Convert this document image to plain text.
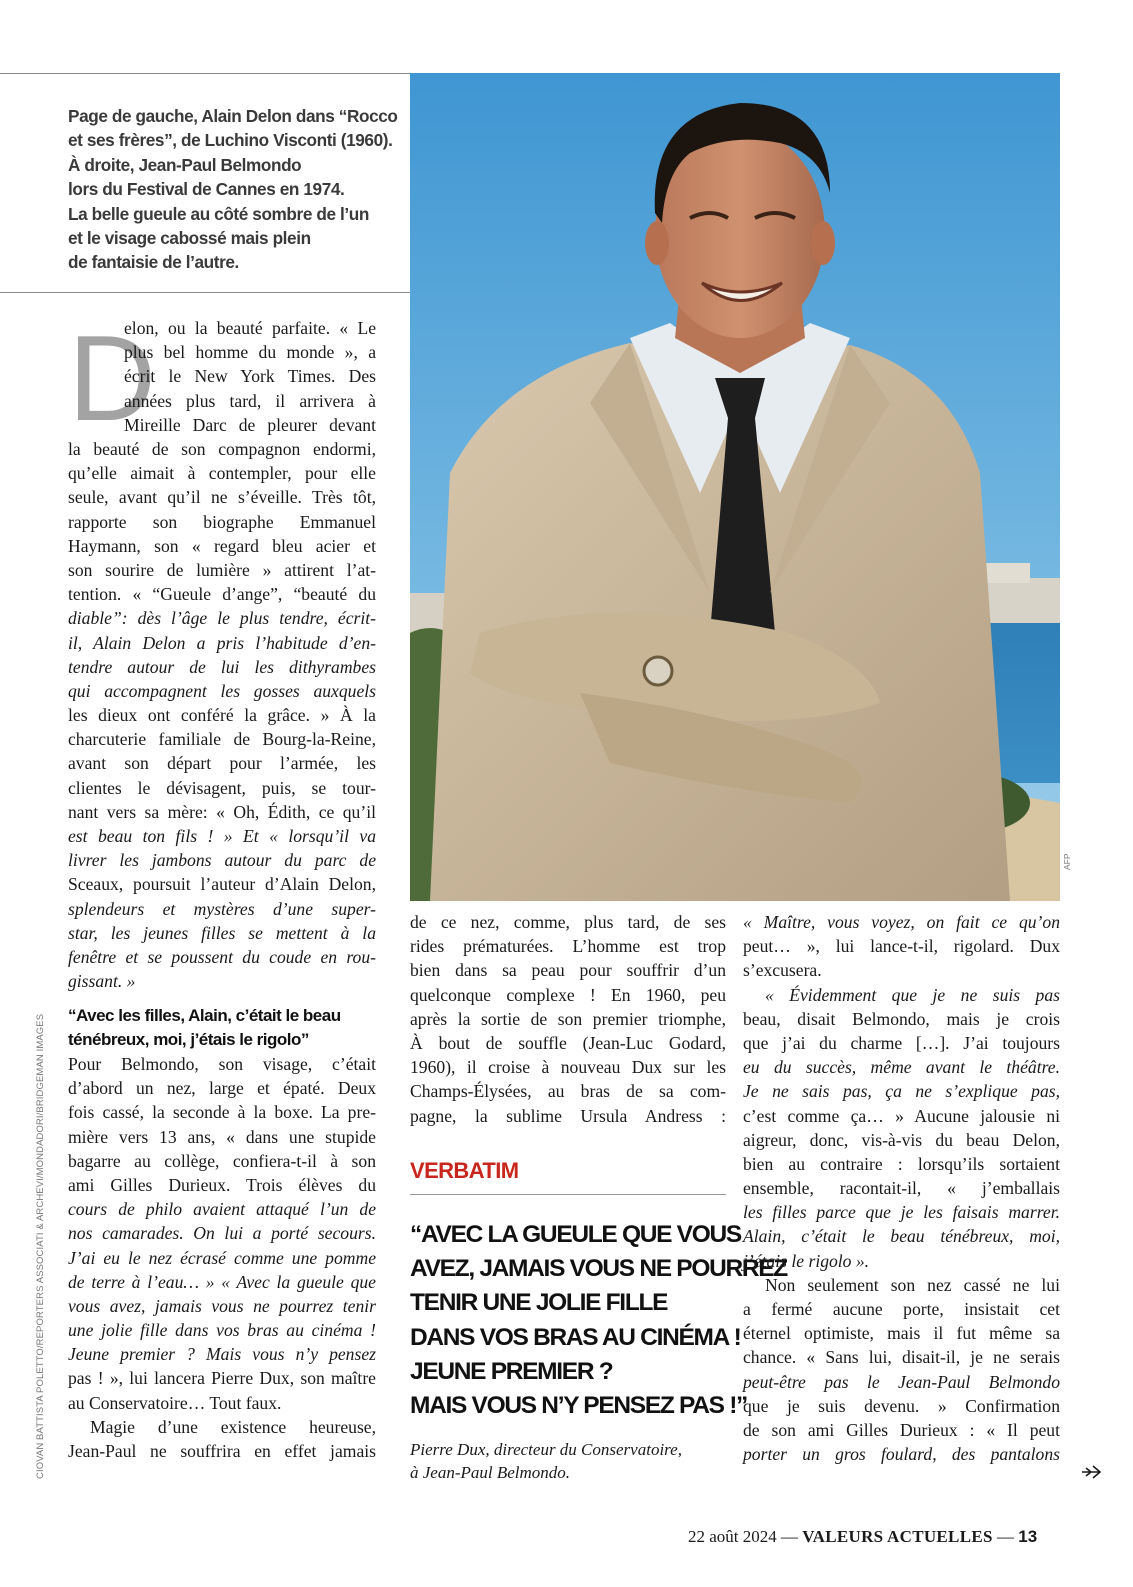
Page de gauche, Alain Delon dans “Rocco
et ses frères”, de Luchino Visconti (1960).
À droite, Jean-Paul Belmondo
lors du Festival de Cannes en 1974.
La belle gueule au côté sombre de l’un
et le visage cabossé mais plein
de fantaisie de l’autre.
AFP
CIOVAN BATTISTA POLETTO/REPORTERS ASSOCIATI & ARCHEVI/MONDADORI/BRIDGEMAN IMAGES
D
elon, ou la beauté parfaite. « Le
plus bel homme du monde », a
écrit le New York Times. Des
années plus tard, il arrivera à
Mireille Darc de pleurer devant
la beauté de son compagnon endormi,
qu’elle aimait à contempler, pour elle
seule, avant qu’il ne s’éveille. Très tôt,
rapporte son biographe Emmanuel
Haymann, son « regard bleu acier et
son sourire de lumière » attirent l’at-
tention. « “Gueule d’ange”, “beauté du
diable”: dès l’âge le plus tendre, écrit-
il, Alain Delon a pris l’habitude d’en-
tendre autour de lui les dithyrambes
qui accompagnent les gosses auxquels
les dieux ont conféré la grâce. » À la
charcuterie familiale de Bourg-la-Reine,
avant son départ pour l’armée, les
clientes le dévisagent, puis, se tour-
nant vers sa mère: « Oh, Édith, ce qu’il
est beau ton fils ! » Et « lorsqu’il va
livrer les jambons autour du parc de
Sceaux, poursuit l’auteur d’Alain Delon,
splendeurs et mystères d’une super-
star, les jeunes filles se mettent à la
fenêtre et se poussent du coude en rou-
gissant. »
“Avec les filles, Alain, c’était le beau
ténébreux, moi, j’étais le rigolo”
Pour Belmondo, son visage, c’était
d’abord un nez, large et épaté. Deux
fois cassé, la seconde à la boxe. La pre-
mière vers 13 ans, « dans une stupide
bagarre au collège, confiera-t-il à son
ami Gilles Durieux. Trois élèves du
cours de philo avaient attaqué l’un de
nos camarades. On lui a porté secours.
J’ai eu le nez écrasé comme une pomme
de terre à l’eau… » « Avec la gueule que
vous avez, jamais vous ne pourrez tenir
une jolie fille dans vos bras au cinéma !
Jeune premier ? Mais vous n’y pensez
pas ! », lui lancera Pierre Dux, son maître
au Conservatoire… Tout faux.
Magie d’une existence heureuse,
Jean-Paul ne souffrira en effet jamais
de ce nez, comme, plus tard, de ses
rides prématurées. L’homme est trop
bien dans sa peau pour souffrir d’un
quelconque complexe ! En 1960, peu
après la sortie de son premier triomphe,
À bout de souffle (Jean-Luc Godard,
1960), il croise à nouveau Dux sur les
Champs-Élysées, au bras de sa com-
pagne, la sublime Ursula Andress :
VERBATIM
“AVEC LA GUEULE QUE VOUS
AVEZ, JAMAIS VOUS NE POURREZ
TENIR UNE JOLIE FILLE
DANS VOS BRAS AU CINÉMA !
JEUNE PREMIER ?
MAIS VOUS N’Y PENSEZ PAS !”
Pierre Dux, directeur du Conservatoire,
à Jean-Paul Belmondo.
« Maître, vous voyez, on fait ce qu’on
peut… », lui lance-t-il, rigolard. Dux
s’excusera.
« Évidemment que je ne suis pas
beau, disait Belmondo, mais je crois
que j’ai du charme […]. J’ai toujours
eu du succès, même avant le théâtre.
Je ne sais pas, ça ne s’explique pas,
c’est comme ça… » Aucune jalousie ni
aigreur, donc, vis-à-vis du beau Delon,
bien au contraire : lorsqu’ils sortaient
ensemble, racontait-il, « j’emballais
les filles parce que je les faisais marrer.
Alain, c’était le beau ténébreux, moi,
j’étais le rigolo ».
Non seulement son nez cassé ne lui
a fermé aucune porte, insistait cet
éternel optimiste, mais il fut même sa
chance. « Sans lui, disait-il, je ne serais
peut-être pas le Jean-Paul Belmondo
que je suis devenu. » Confirmation
de son ami Gilles Durieux : « Il peut
porter un gros foulard, des pantalons
22 août 2024 — VALEURS ACTUELLES — 13
